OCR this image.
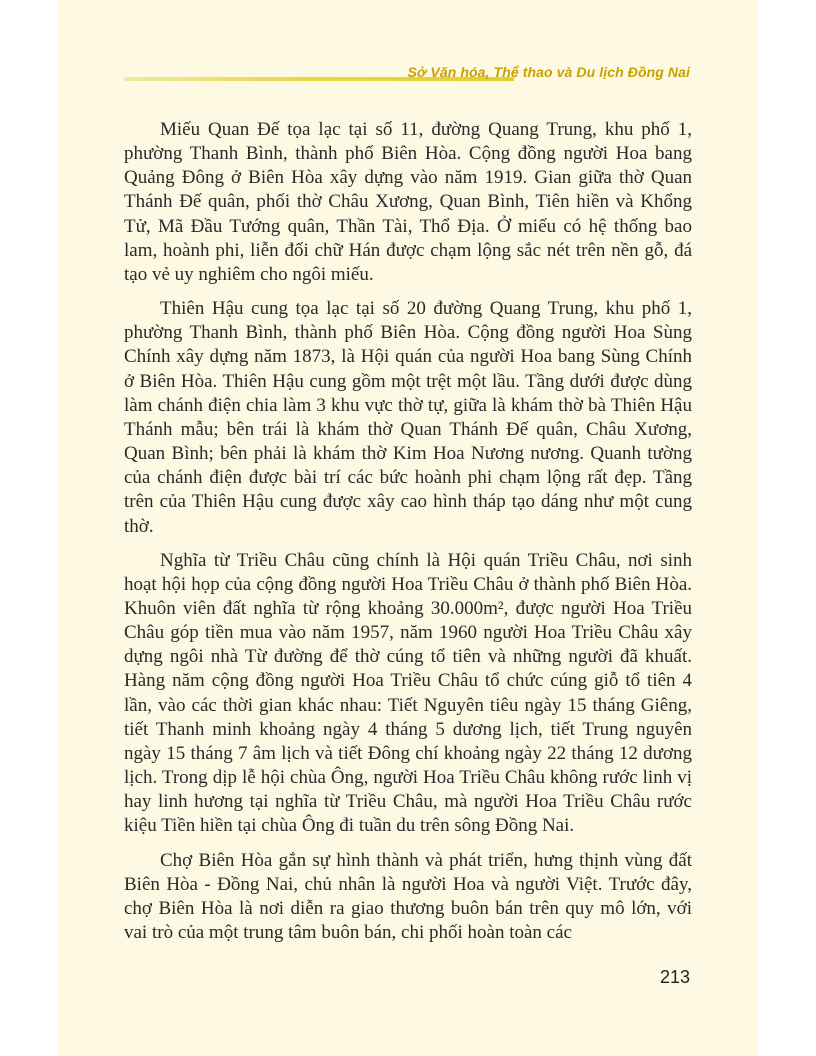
Sở Văn hóa, Thể thao và Du lịch Đồng Nai

Miếu Quan Đế tọa lạc tại số 11, đường Quang Trung, khu phố 1, phường Thanh Bình, thành phố Biên Hòa. Cộng đồng người Hoa bang Quảng Đông ở Biên Hòa xây dựng vào năm 1919. Gian giữa thờ Quan Thánh Đế quân, phối thờ Châu Xương, Quan Bình, Tiên hiền và Khổng Tử, Mã Đầu Tướng quân, Thần Tài, Thổ Địa. Ở miếu có hệ thống bao lam, hoành phi, liễn đối chữ Hán được chạm lộng sắc nét trên nền gỗ, đá tạo vẻ uy nghiêm cho ngôi miếu.

Thiên Hậu cung tọa lạc tại số 20 đường Quang Trung, khu phố 1, phường Thanh Bình, thành phố Biên Hòa. Cộng đồng người Hoa Sùng Chính xây dựng năm 1873, là Hội quán của người Hoa bang Sùng Chính ở Biên Hòa. Thiên Hậu cung gồm một trệt một lầu. Tầng dưới được dùng làm chánh điện chia làm 3 khu vực thờ tự, giữa là khám thờ bà Thiên Hậu Thánh mẫu; bên trái là khám thờ Quan Thánh Đế quân, Châu Xương, Quan Bình; bên phải là khám thờ Kim Hoa Nương nương. Quanh tường của chánh điện được bài trí các bức hoành phi chạm lộng rất đẹp. Tầng trên của Thiên Hậu cung được xây cao hình tháp tạo dáng như một cung thờ.

Nghĩa từ Triều Châu cũng chính là Hội quán Triều Châu, nơi sinh hoạt hội họp của cộng đồng người Hoa Triều Châu ở thành phố Biên Hòa. Khuôn viên đất nghĩa từ rộng khoảng 30.000m², được người Hoa Triều Châu góp tiền mua vào năm 1957, năm 1960 người Hoa Triều Châu xây dựng ngôi nhà Từ đường để thờ cúng tổ tiên và những người đã khuất. Hàng năm cộng đồng người Hoa Triều Châu tổ chức cúng giỗ tổ tiên 4 lần, vào các thời gian khác nhau: Tiết Nguyên tiêu ngày 15 tháng Giêng, tiết Thanh minh khoảng ngày 4 tháng 5 dương lịch, tiết Trung nguyên ngày 15 tháng 7 âm lịch và tiết Đông chí khoảng ngày 22 tháng 12 dương lịch. Trong dịp lễ hội chùa Ông, người Hoa Triều Châu không rước linh vị hay linh hương tại nghĩa từ Triều Châu, mà người Hoa Triều Châu rước kiệu Tiền hiền tại chùa Ông đi tuần du trên sông Đồng Nai.

Chợ Biên Hòa gắn sự hình thành và phát triển, hưng thịnh vùng đất Biên Hòa - Đồng Nai, chủ nhân là người Hoa và người Việt. Trước đây, chợ Biên Hòa là nơi diễn ra giao thương buôn bán trên quy mô lớn, với vai trò của một trung tâm buôn bán, chi phối hoàn toàn các

213
